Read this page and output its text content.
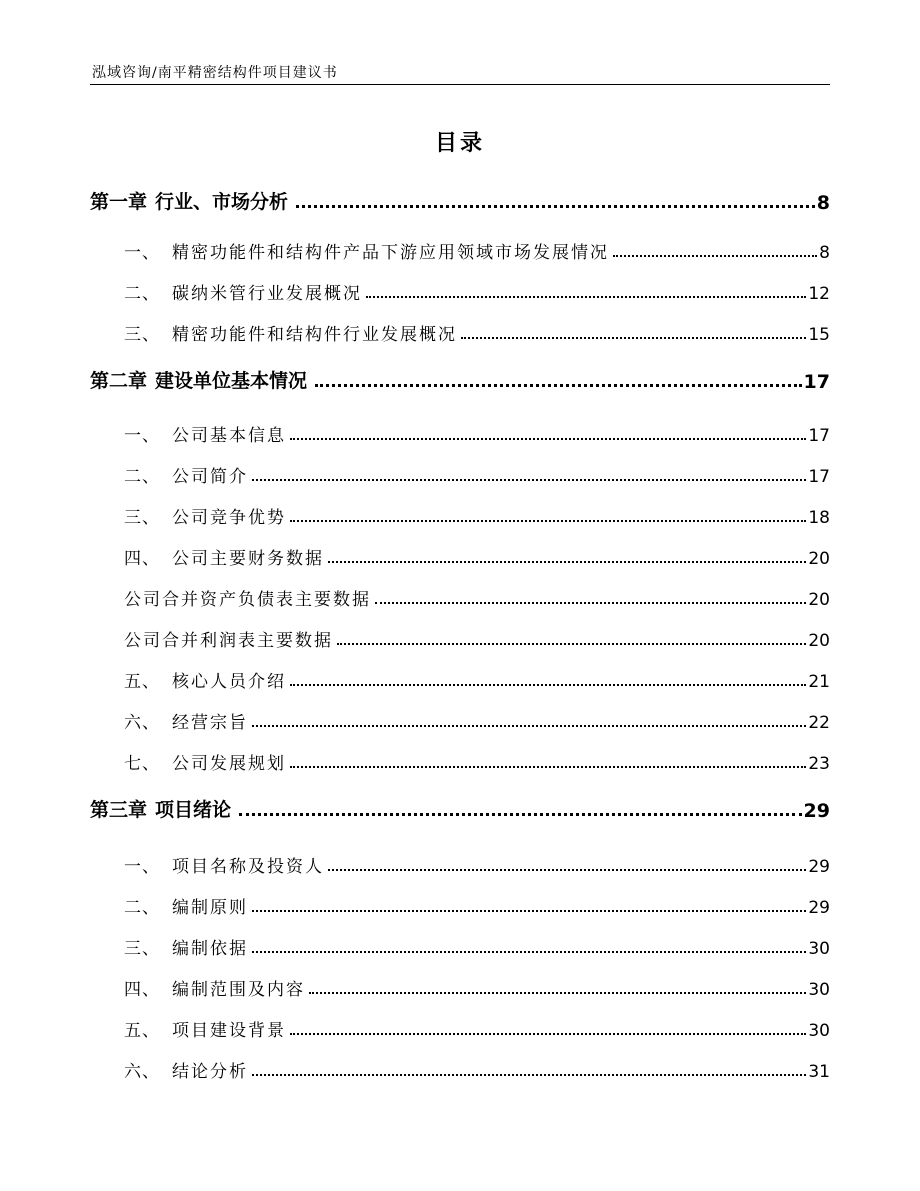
泓域咨询/南平精密结构件项目建议书
目录
第一章 行业、市场分析	8
一、 精密功能件和结构件产品下游应用领域市场发展情况	8
二、 碳纳米管行业发展概况	12
三、 精密功能件和结构件行业发展概况	15
第二章 建设单位基本情况	17
一、 公司基本信息	17
二、 公司简介	17
三、 公司竞争优势	18
四、 公司主要财务数据	20
公司合并资产负债表主要数据	20
公司合并利润表主要数据	20
五、 核心人员介绍	21
六、 经营宗旨	22
七、 公司发展规划	23
第三章 项目绪论	29
一、 项目名称及投资人	29
二、 编制原则	29
三、 编制依据	30
四、 编制范围及内容	30
五、 项目建设背景	30
六、 结论分析	31
